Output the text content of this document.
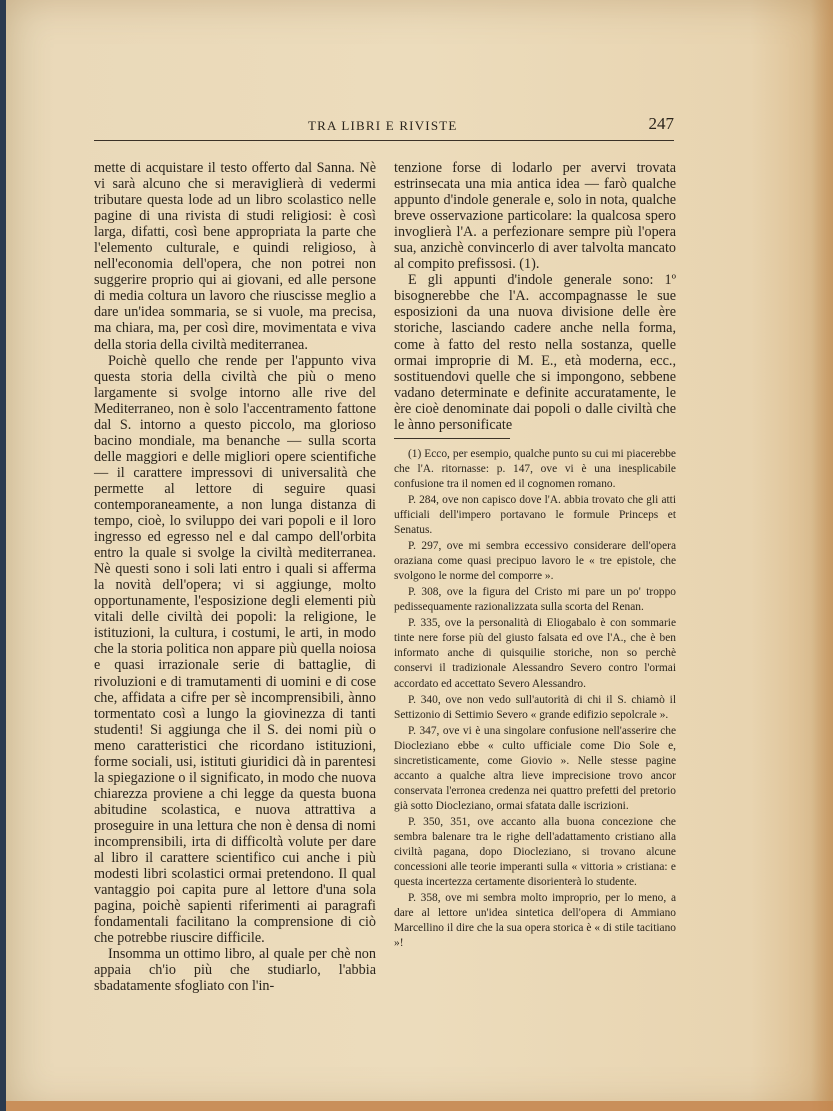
TRA LIBRI E RIVISTE	247

mette di acquistare il testo offerto dal Sanna. Nè vi sarà alcuno che si meraviglierà di vedermi tributare questa lode ad un libro scolastico nelle pagine di una rivista di studi religiosi: è così larga, difatti, così bene appropriata la parte che l'elemento culturale, e quindi religioso, à nell'economia dell'opera, che non potrei non suggerire proprio qui ai giovani, ed alle persone di media coltura un lavoro che riuscisse meglio a dare un'idea sommaria, se si vuole, ma precisa, ma chiara, ma, per così dire, movimentata e viva della storia della civiltà mediterranea.

Poichè quello che rende per l'appunto viva questa storia della civiltà che più o meno largamente si svolge intorno alle rive del Mediterraneo, non è solo l'accentramento fattone dal S. intorno a questo piccolo, ma glorioso bacino mondiale, ma benanche — sulla scorta delle maggiori e delle migliori opere scientifiche — il carattere impressovi di universalità che permette al lettore di seguire quasi contemporaneamente, a non lunga distanza di tempo, cioè, lo sviluppo dei vari popoli e il loro ingresso ed egresso nel e dal campo dell'orbita entro la quale si svolge la civiltà mediterranea. Nè questi sono i soli lati entro i quali si afferma la novità dell'opera; vi si aggiunge, molto opportunamente, l'esposizione degli elementi più vitali delle civiltà dei popoli: la religione, le istituzioni, la cultura, i costumi, le arti, in modo che la storia politica non appare più quella noiosa e quasi irrazionale serie di battaglie, di rivoluzioni e di tramutamenti di uomini e di cose che, affidata a cifre per sè incomprensibili, ànno tormentato così a lungo la giovinezza di tanti studenti! Si aggiunga che il S. dei nomi più o meno caratteristici che ricordano istituzioni, forme sociali, usi, istituti giuridici dà in parentesi la spiegazione o il significato, in modo che nuova chiarezza proviene a chi legge da questa buona abitudine scolastica, e nuova attrattiva a proseguire in una lettura che non è densa di nomi incomprensibili, irta di difficoltà volute per dare al libro il carattere scientifico cui anche i più modesti libri scolastici ormai pretendono. Il qual vantaggio poi capita pure al lettore d'una sola pagina, poichè sapienti riferimenti ai paragrafi fondamentali facilitano la comprensione di ciò che potrebbe riuscire difficile.

Insomma un ottimo libro, al quale per chè non appaia ch'io più che studiarlo, l'abbia sbadatamente sfogliato con l'in-

tenzione forse di lodarlo per avervi trovata estrinsecata una mia antica idea — farò qualche appunto d'indole generale e, solo in nota, qualche breve osservazione particolare: la qualcosa spero invoglierà l'A. a perfezionare sempre più l'opera sua, anzichè convincerlo di aver talvolta mancato al compito prefissosi. (1).

E gli appunti d'indole generale sono: 1º bisognerebbe che l'A. accompagnasse le sue esposizioni da una nuova divisione delle ère storiche, lasciando cadere anche nella forma, come à fatto del resto nella sostanza, quelle ormai improprie di M. E., età moderna, ecc., sostituendovi quelle che si impongono, sebbene vadano determinate e definite accuratamente, le ère cioè denominate dai popoli o dalle civiltà che le ànno personificate

(1) Ecco, per esempio, qualche punto su cui mi piacerebbe che l'A. ritornasse: p. 147, ove vi è una inesplicabile confusione tra il nomen ed il cognomen romano.

P. 284, ove non capisco dove l'A. abbia trovato che gli atti ufficiali dell'impero portavano le formule Princeps et Senatus.

P. 297, ove mi sembra eccessivo considerare dell'opera oraziana come quasi precipuo lavoro le « tre epistole, che svolgono le norme del comporre ».

P. 308, ove la figura del Cristo mi pare un po' troppo pedissequamente razionalizzata sulla scorta del Renan.

P. 335, ove la personalità di Eliogabalo è con sommarie tinte nere forse più del giusto falsata ed ove l'A., che è ben informato anche di quisquilie storiche, non so perchè conservi il tradizionale Alessandro Severo contro l'ormai accordato ed accettato Severo Alessandro.

P. 340, ove non vedo sull'autorità di chi il S. chiamò il Settizonio di Settimio Severo « grande edifizio sepolcrale ».

P. 347, ove vi è una singolare confusione nell'asserire che Diocleziano ebbe « culto ufficiale come Dio Sole e, sincretisticamente, come Giovio ». Nelle stesse pagine accanto a qualche altra lieve imprecisione trovo ancor conservata l'erronea credenza nei quattro prefetti del pretorio già sotto Diocleziano, ormai sfatata dalle iscrizioni.

P. 350, 351, ove accanto alla buona concezione che sembra balenare tra le righe dell'adattamento cristiano alla civiltà pagana, dopo Diocleziano, si trovano alcune concessioni alle teorie imperanti sulla « vittoria » cristiana: e questa incertezza certamente disorienterà lo studente.

P. 358, ove mi sembra molto improprio, per lo meno, a dare al lettore un'idea sintetica dell'opera di Ammiano Marcellino il dire che la sua opera storica è « di stile tacitiano »!
